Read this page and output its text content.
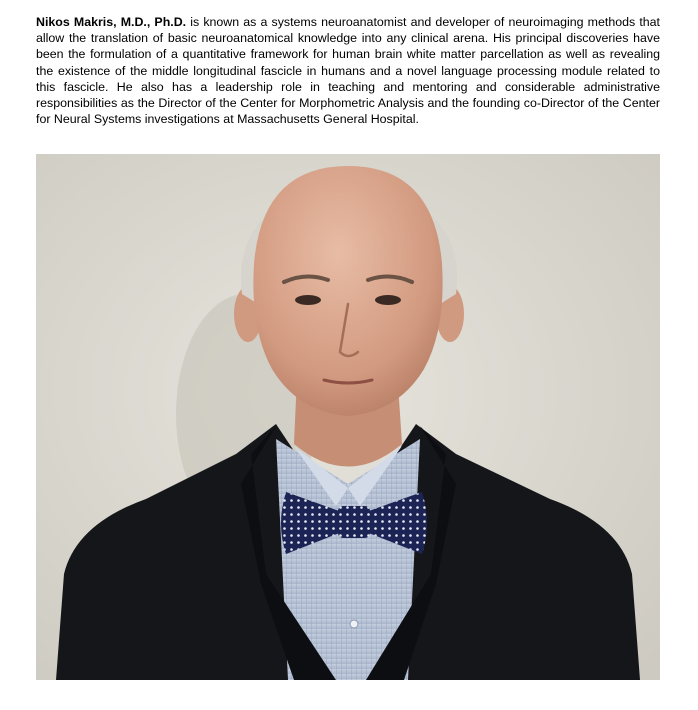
Nikos Makris, M.D., Ph.D. is known as a systems neuroanatomist and developer of neuroimaging methods that allow the translation of basic neuroanatomical knowledge into any clinical arena. His principal discoveries have been the formulation of a quantitative framework for human brain white matter parcellation as well as revealing the existence of the middle longitudinal fascicle in humans and a novel language processing module related to this fascicle. He also has a leadership role in teaching and mentoring and considerable administrative responsibilities as the Director of the Center for Morphometric Analysis and the founding co-Director of the Center for Neural Systems investigations at Massachusetts General Hospital.
